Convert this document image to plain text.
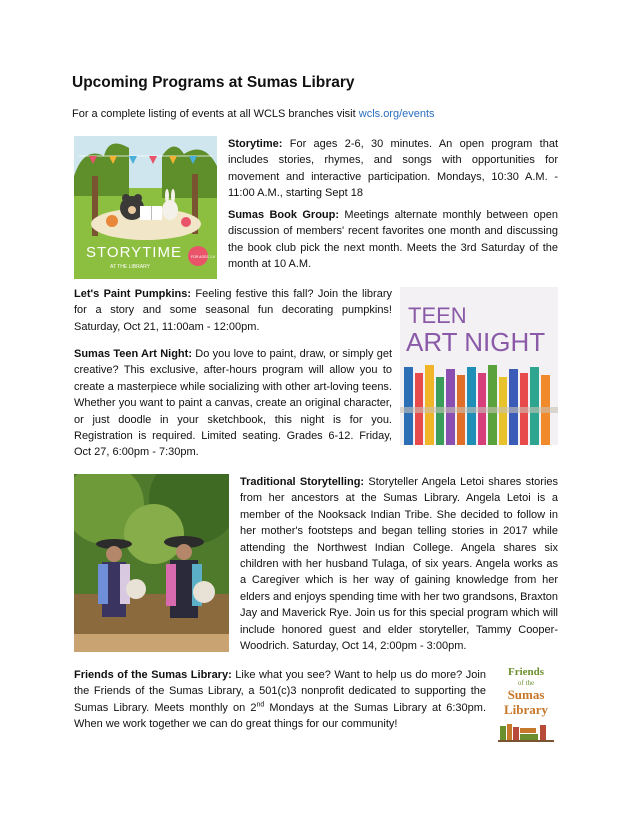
Upcoming Programs at Sumas Library
For a complete listing of events at all WCLS branches visit wcls.org/events
STORYTIME
AT THE LIBRARY
FOR AGES 2-6

Storytime: For ages 2-6, 30 minutes. An open program that includes stories, rhymes, and songs with opportunities for movement and interactive participation. Mondays, 10:30 A.M. - 11:00 A.M., starting Sept 18

Sumas Book Group: Meetings alternate monthly between open discussion of members' recent favorites one month and discussing the book club pick the next month. Meets the 3rd Saturday of the month at 10 A.M.

Let's Paint Pumpkins: Feeling festive this fall? Join the library for a story and some seasonal fun decorating pumpkins! Saturday, Oct 21, 11:00am - 12:00pm.	TEEN
ART NIGHT

Sumas Teen Art Night: Do you love to paint, draw, or simply get creative? This exclusive, after-hours program will allow you to create a masterpiece while socializing with other art-loving teens. Whether you want to paint a canvas, create an original character, or just doodle in your sketchbook, this night is for you. Registration is required. Limited seating. Grades 6-12. Friday, Oct 27, 6:00pm - 7:30pm.

Traditional Storytelling: Storyteller Angela Letoi shares stories from her ancestors at the Sumas Library. Angela Letoi is a member of the Nooksack Indian Tribe. She decided to follow in her mother's footsteps and began telling stories in 2017 while attending the Northwest Indian College. Angela shares six children with her husband Tulaga, of six years. Angela works as a Caregiver which is her way of gaining knowledge from her elders and enjoys spending time with her two grandsons, Braxton Jay and Maverick Rye. Join us for this special program which will include honored guest and elder storyteller, Tammy Cooper-Woodrich. Saturday, Oct 14, 2:00pm - 3:00pm.

Friends of the Sumas Library: Like what you see? Want to help us do more? Join the Friends of the Sumas Library, a 501(c)3 nonprofit dedicated to supporting the Sumas Library. Meets monthly on 2nd Mondays at the Sumas Library at 6:30pm. When we work together we can do great things for our community!

Friends
of the
Sumas
Library
